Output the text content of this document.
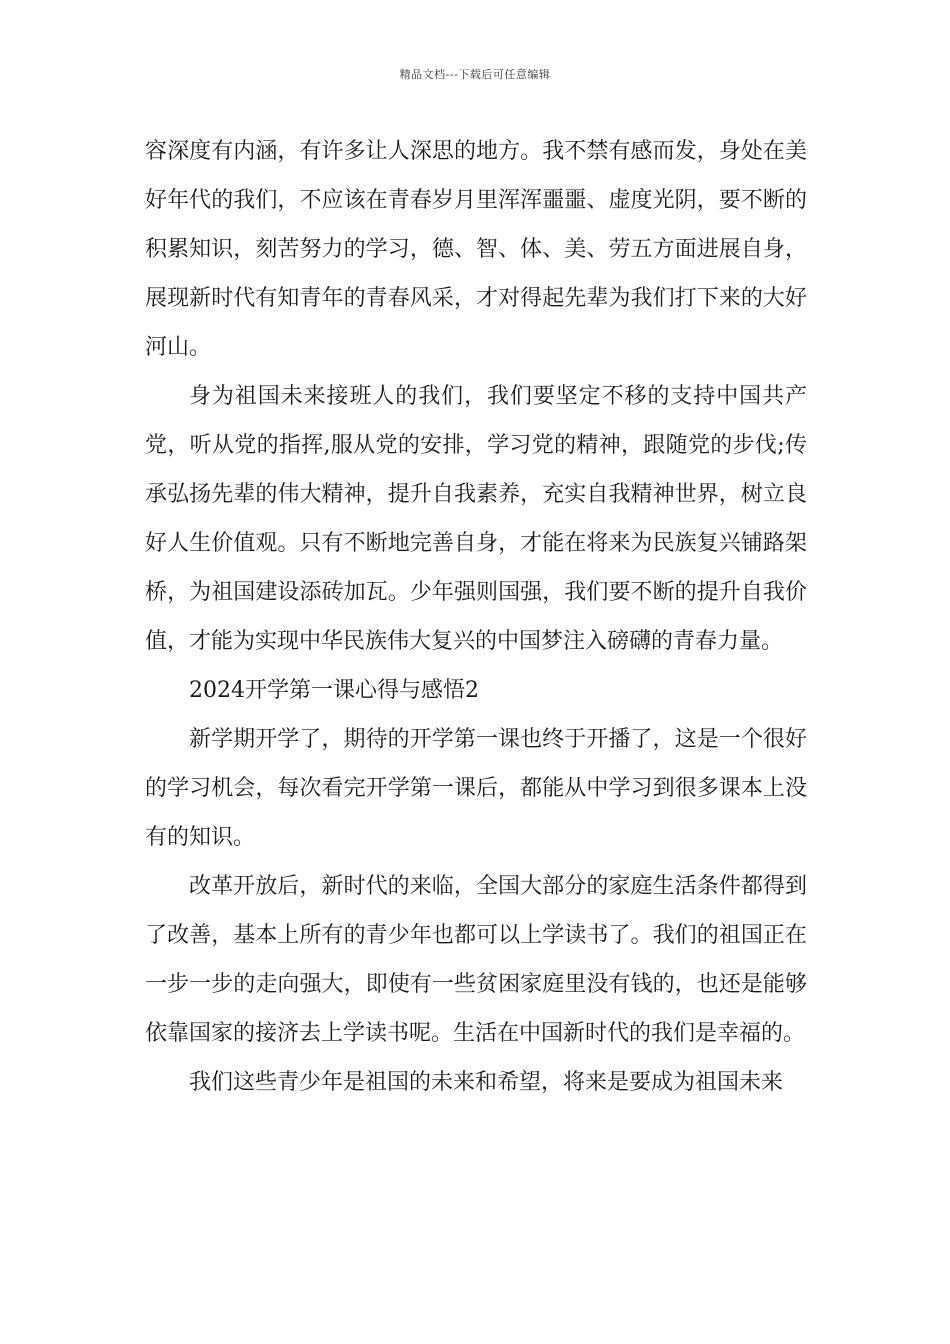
精品文档---下载后可任意编辑

容深度有内涵，有许多让人深思的地方。我不禁有感而发，身处在美好年代的我们，不应该在青春岁月里浑浑噩噩、虚度光阴，要不断的积累知识，刻苦努力的学习，德、智、体、美、劳五方面进展自身，展现新时代有知青年的青春风采，才对得起先辈为我们打下来的大好河山。

身为祖国未来接班人的我们，我们要坚定不移的支持中国共产党，听从党的指挥,服从党的安排，学习党的精神，跟随党的步伐;传承弘扬先辈的伟大精神，提升自我素养，充实自我精神世界，树立良好人生价值观。只有不断地完善自身，才能在将来为民族复兴铺路架桥，为祖国建设添砖加瓦。少年强则国强，我们要不断的提升自我价值，才能为实现中华民族伟大复兴的中国梦注入磅礴的青春力量。

2024开学第一课心得与感悟2

新学期开学了，期待的开学第一课也终于开播了，这是一个很好的学习机会，每次看完开学第一课后，都能从中学习到很多课本上没有的知识。

改革开放后，新时代的来临，全国大部分的家庭生活条件都得到了改善，基本上所有的青少年也都可以上学读书了。我们的祖国正在一步一步的走向强大，即使有一些贫困家庭里没有钱的，也还是能够依靠国家的接济去上学读书呢。生活在中国新时代的我们是幸福的。

我们这些青少年是祖国的未来和希望，将来是要成为祖国未来
